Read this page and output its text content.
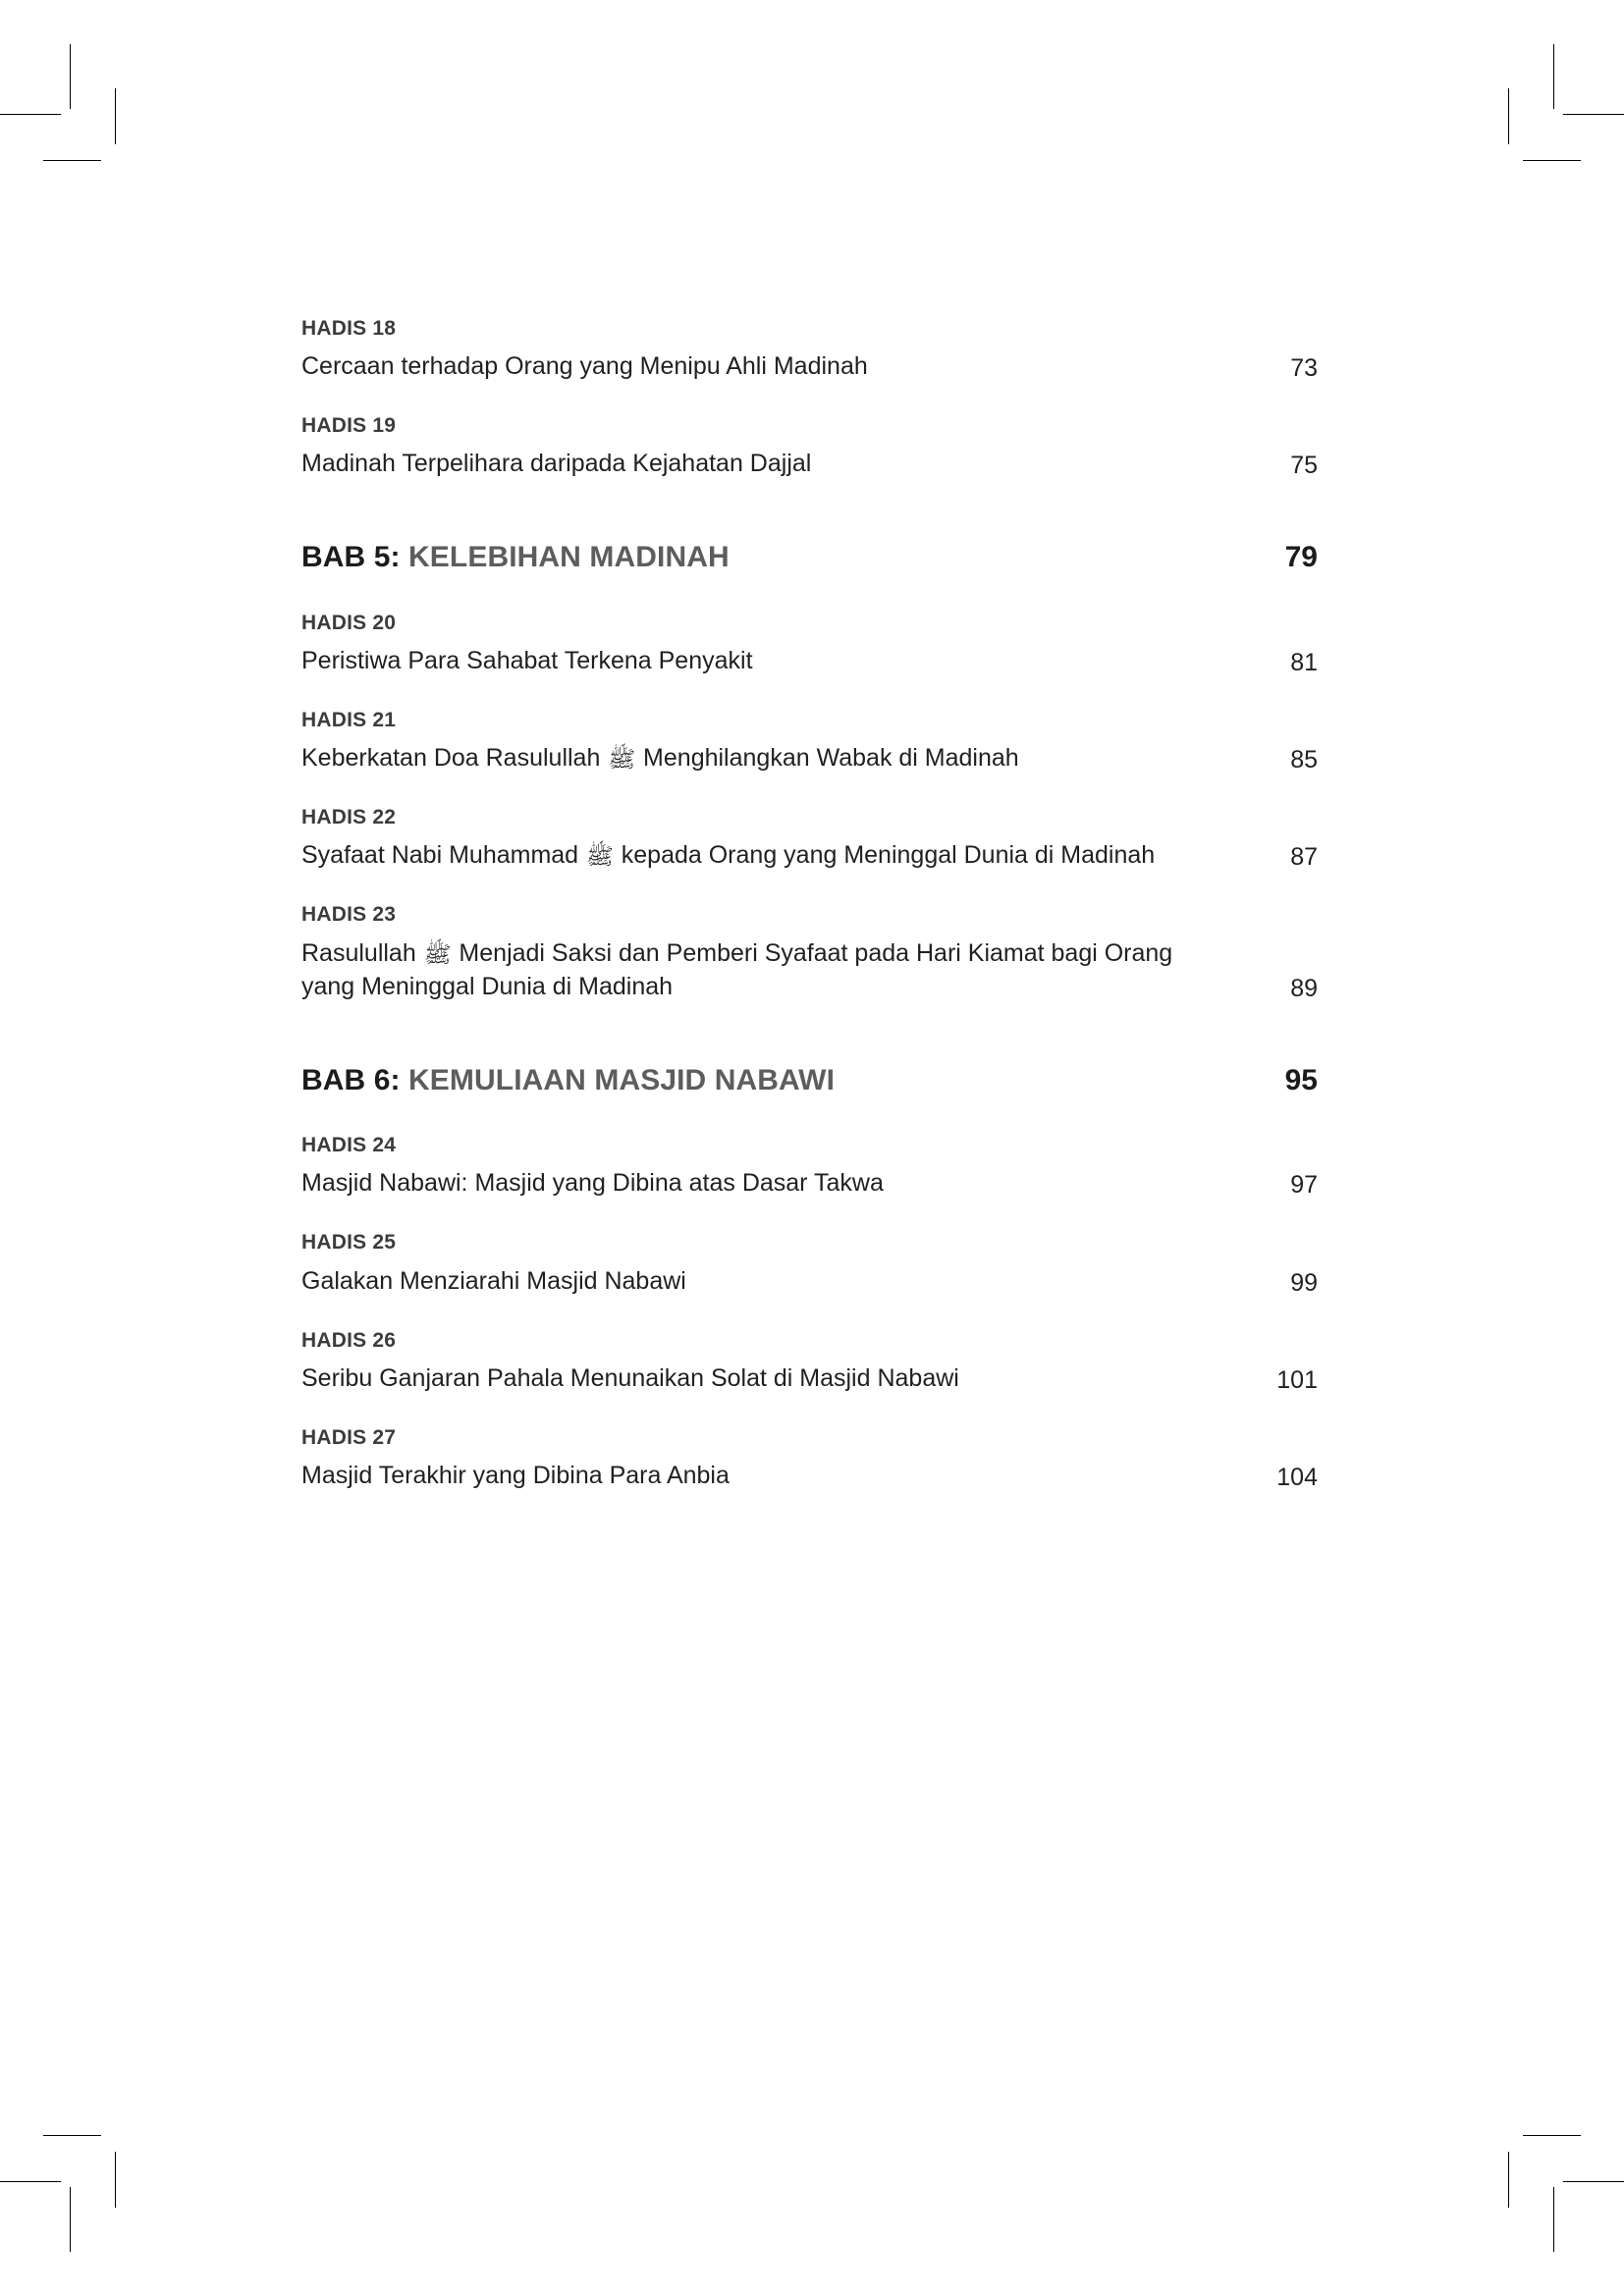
HADIS 18
Cercaan terhadap Orang yang Menipu Ahli Madinah	73
HADIS 19
Madinah Terpelihara daripada Kejahatan Dajjal	75
BAB 5: KELEBIHAN MADINAH	79
HADIS 20
Peristiwa Para Sahabat Terkena Penyakit	81
HADIS 21
Keberkatan Doa Rasulullah ﷺ Menghilangkan Wabak di Madinah	85
HADIS 22
Syafaat Nabi Muhammad ﷺ kepada Orang yang Meninggal Dunia di Madinah	87
HADIS 23
Rasulullah ﷺ Menjadi Saksi dan Pemberi Syafaat pada Hari Kiamat bagi Orang yang Meninggal Dunia di Madinah	89
BAB 6: KEMULIAAN MASJID NABAWI	95
HADIS 24
Masjid Nabawi: Masjid yang Dibina atas Dasar Takwa	97
HADIS 25
Galakan Menziarahi Masjid Nabawi	99
HADIS 26
Seribu Ganjaran Pahala Menunaikan Solat di Masjid Nabawi	101
HADIS 27
Masjid Terakhir yang Dibina Para Anbia	104
